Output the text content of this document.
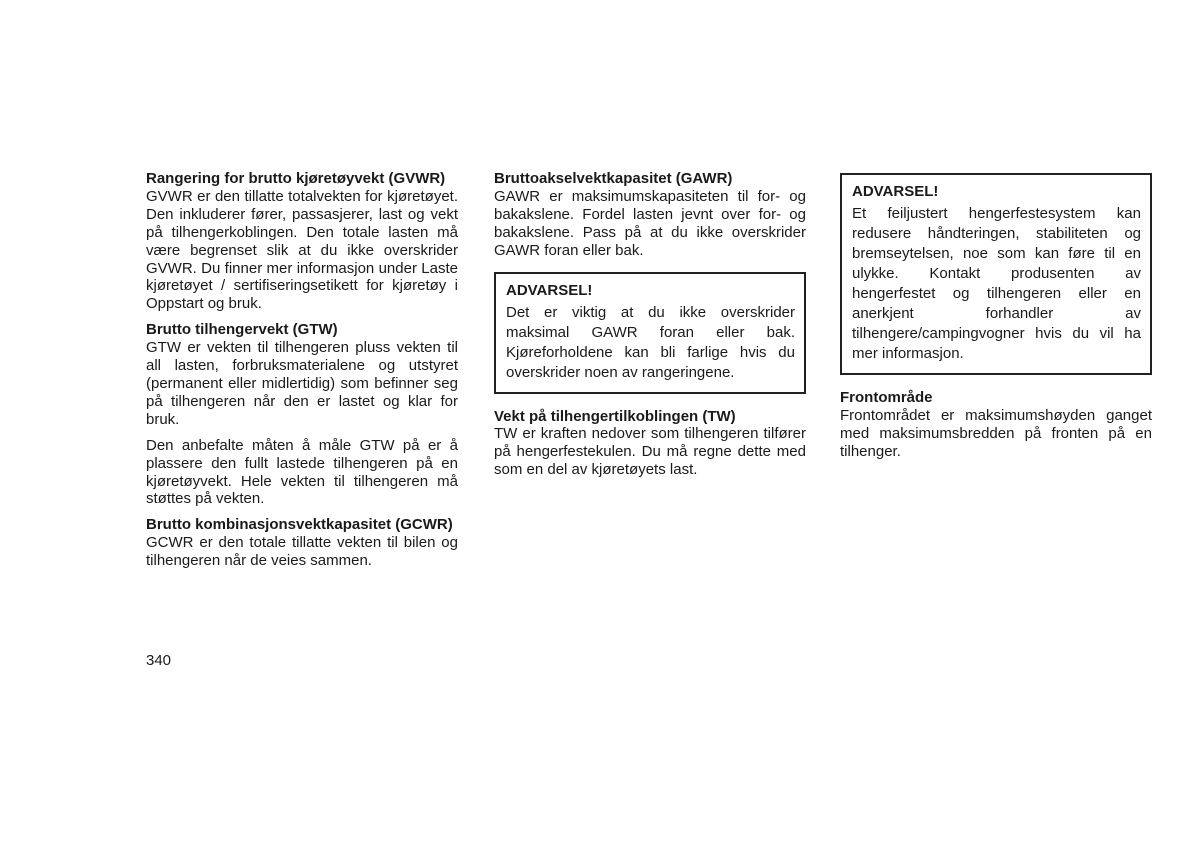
Rangering for brutto kjøretøyvekt (GVWR)

GVWR er den tillatte totalvekten for kjøretøyet. Den inkluderer fører, passasjerer, last og vekt på tilhengerkoblingen. Den totale lasten må være begrenset slik at du ikke overskrider GVWR. Du finner mer informasjon under Laste kjøretøyet / sertifiseringsetikett for kjøretøy i Oppstart og bruk.

Brutto tilhengervekt (GTW)

GTW er vekten til tilhengeren pluss vekten til all lasten, forbruksmaterialene og utstyret (permanent eller midlertidig) som befinner seg på tilhengeren når den er lastet og klar for bruk.

Den anbefalte måten å måle GTW på er å plassere den fullt lastede tilhengeren på en kjøretøyvekt. Hele vekten til tilhengeren må støttes på vekten.

Brutto kombinasjonsvektkapasitet (GCWR)

GCWR er den totale tillatte vekten til bilen og tilhengeren når de veies sammen.

Bruttoakselvektkapasitet (GAWR)
GAWR er maksimumskapasiteten til for- og bakakslene. Fordel lasten jevnt over for- og bakakslene. Pass på at du ikke overskrider GAWR foran eller bak.
ADVARSEL!
Det er viktig at du ikke overskrider maksimal GAWR foran eller bak. Kjøreforholdene kan bli farlige hvis du overskrider noen av rangeringene.
Vekt på tilhengertilkoblingen (TW)
TW er kraften nedover som tilhengeren tilfører på hengerfestekulen. Du må regne dette med som en del av kjøretøyets last.
ADVARSEL!
Et feiljustert hengerfestesystem kan redusere håndteringen, stabiliteten og bremseytelsen, noe som kan føre til en ulykke. Kontakt produsenten av hengerfestet og tilhengeren eller en anerkjent forhandler av tilhengere/campingvogner hvis du vil ha mer informasjon.
Frontområde
Frontområdet er maksimumshøyden ganget med maksimumsbredden på fronten på en tilhenger.
340
